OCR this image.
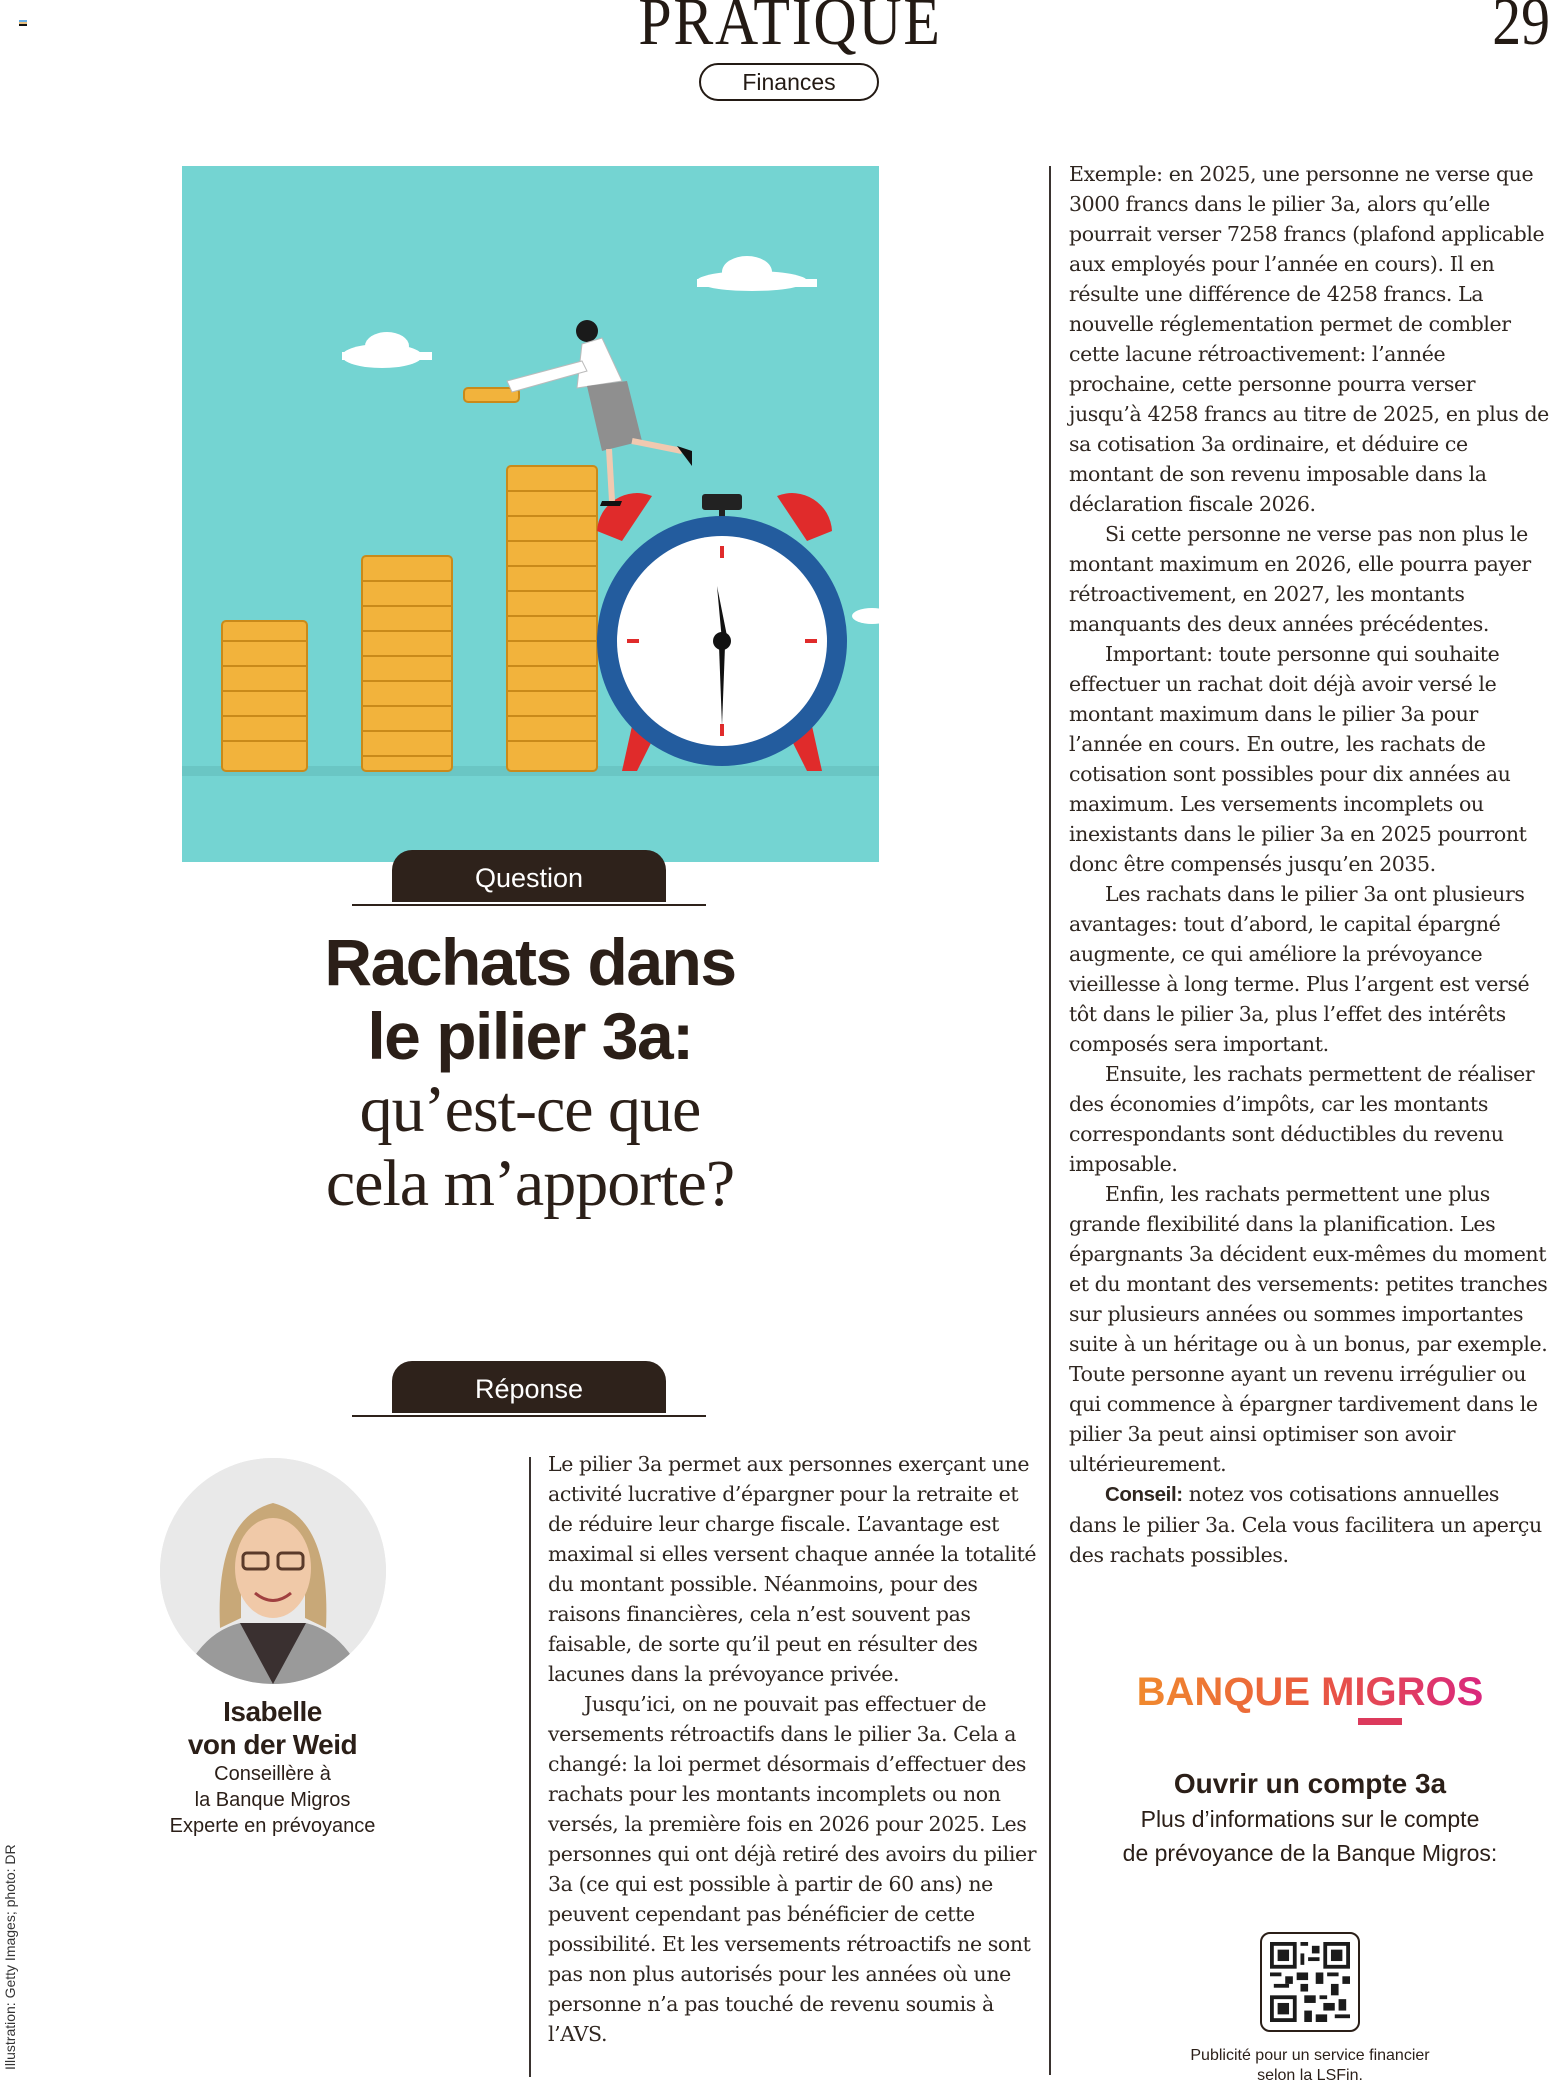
PRATIQUE	29
Finances
Question
Rachats dans
le pilier 3a:
qu’est-ce que
cela m’apporte?
Réponse
Isabelle
von der Weid
Conseillère à
la Banque Migros
Experte en prévoyance

Le pilier 3a permet aux personnes exerçant une activité lucrative d’épargner pour la retraite et de réduire leur charge fiscale. L’avantage est maximal si elles versent chaque année la totalité du montant possible. Néanmoins, pour des raisons financières, cela n’est souvent pas faisable, de sorte qu’il peut en résulter des lacunes dans la prévoyance privée.

Jusqu’ici, on ne pouvait pas effectuer de versements rétroactifs dans le pilier 3a. Cela a changé: la loi permet désormais d’effectuer des rachats pour les montants incomplets ou non versés, la première fois en 2026 pour 2025. Les personnes qui ont déjà retiré des avoirs du pilier 3a (ce qui est possible à partir de 60 ans) ne peuvent cependant pas bénéficier de cette possibilité. Et les versements rétroactifs ne sont pas non plus autorisés pour les années où une personne n’a pas touché de revenu soumis à l’AVS.

Exemple: en 2025, une personne ne verse que 3000 francs dans le pilier 3a, alors qu’elle pourrait verser 7258 francs (plafond applicable aux employés pour l’année en cours). Il en résulte une différence de 4258 francs. La nouvelle réglementation permet de combler cette lacune rétroactivement: l’année prochaine, cette personne pourra verser jusqu’à 4258 francs au titre de 2025, en plus de sa cotisation 3a ordinaire, et déduire ce montant de son revenu imposable dans la déclaration fiscale 2026.

Si cette personne ne verse pas non plus le montant maximum en 2026, elle pourra payer rétroactivement, en 2027, les montants manquants des deux années précédentes.

Important: toute personne qui souhaite effectuer un rachat doit déjà avoir versé le montant maximum dans le pilier 3a pour l’année en cours. En outre, les rachats de cotisation sont possibles pour dix années au maximum. Les versements incomplets ou inexistants dans le pilier 3a en 2025 pourront donc être compensés jusqu’en 2035.

Les rachats dans le pilier 3a ont plusieurs avantages: tout d’abord, le capital épargné augmente, ce qui améliore la prévoyance vieillesse à long terme. Plus l’argent est versé tôt dans le pilier 3a, plus l’effet des intérêts composés sera important.

Ensuite, les rachats permettent de réaliser des économies d’impôts, car les montants correspondants sont déductibles du revenu imposable.

Enfin, les rachats permettent une plus grande flexibilité dans la planification. Les épargnants 3a décident eux-mêmes du moment et du montant des versements: petites tranches sur plusieurs années ou sommes importantes suite à un héritage ou à un bonus, par exemple. Toute personne ayant un revenu irrégulier ou qui commence à épargner tardivement dans le pilier 3a peut ainsi optimiser son avoir ultérieurement.

Conseil: notez vos cotisations annuelles dans le pilier 3a. Cela vous facilitera un aperçu des rachats possibles.

BANQUE MIGROS
Ouvrir un compte 3a
Plus d’informations sur le compte
de prévoyance de la Banque Migros:
Publicité pour un service financier
selon la LSFin.
Illustration: Getty Images; photo: DR
